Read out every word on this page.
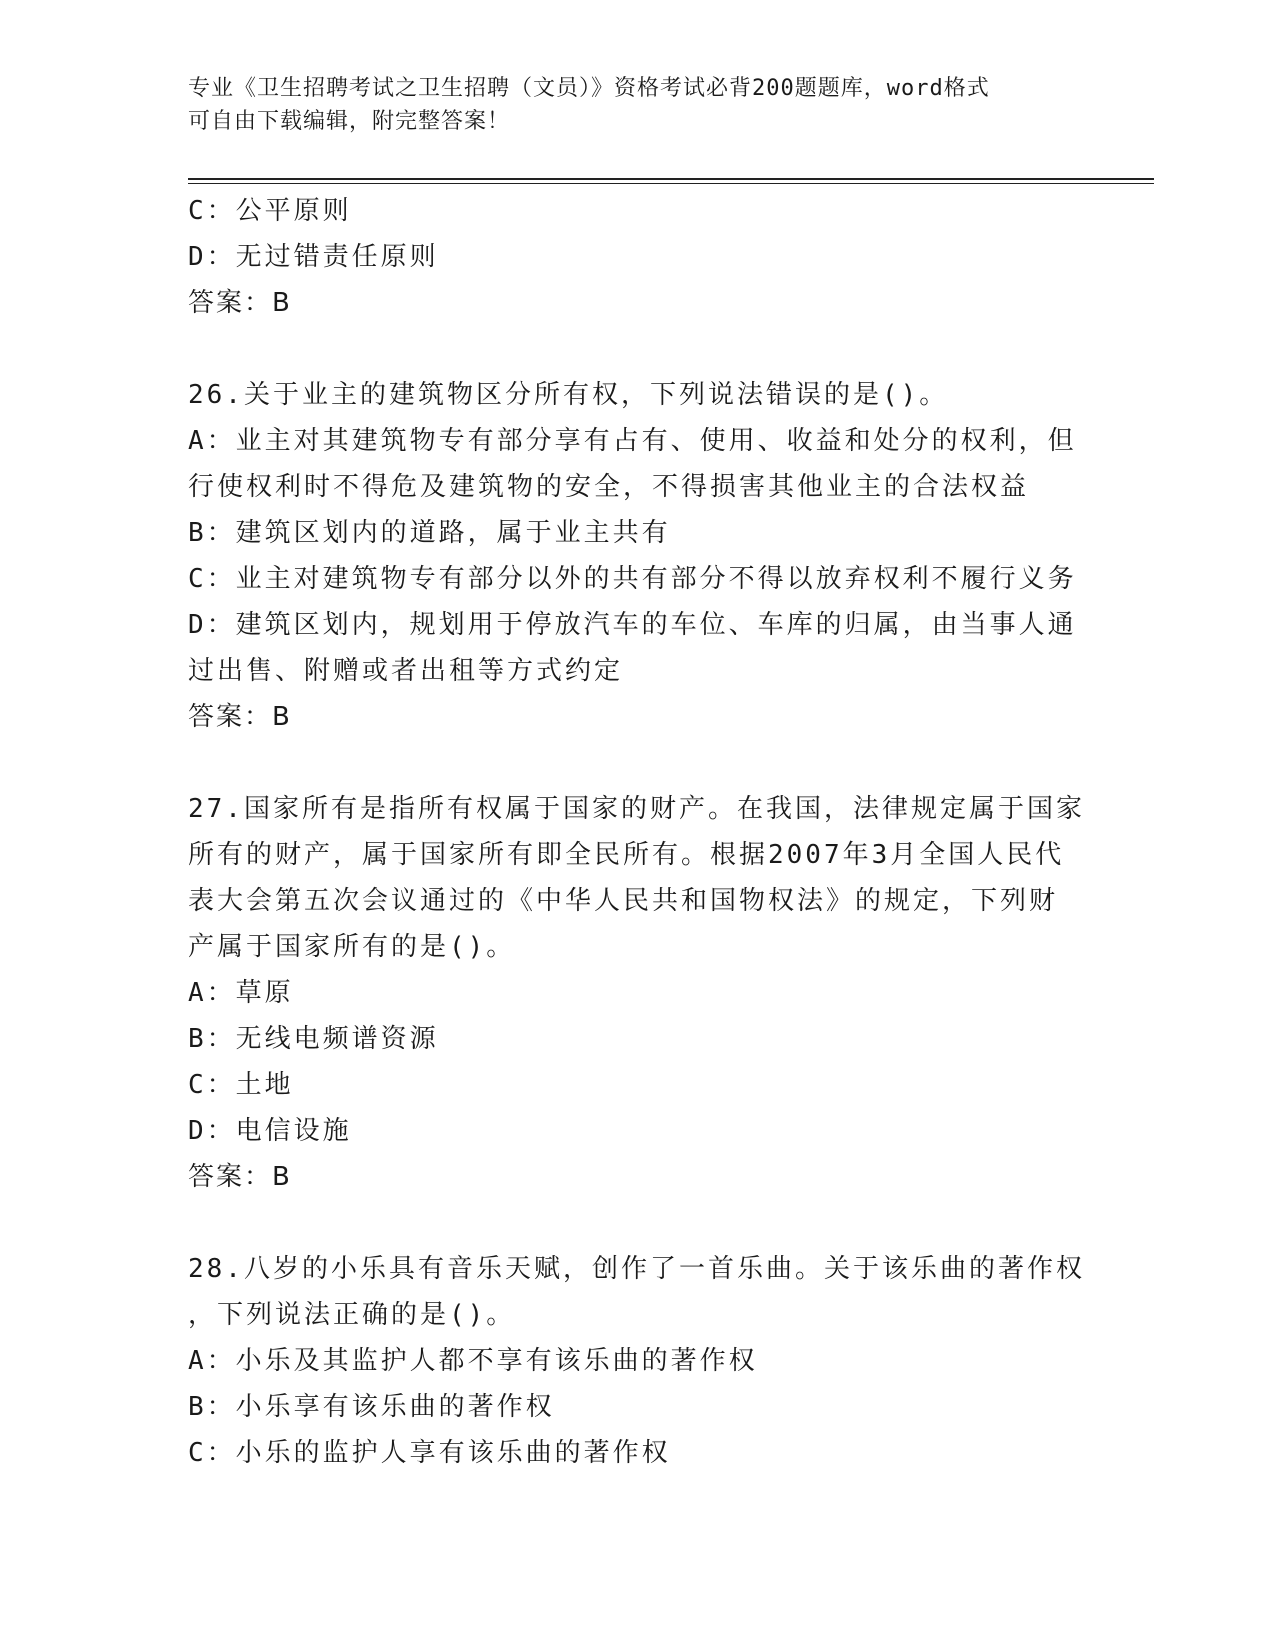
专业《卫生招聘考试之卫生招聘（文员）》资格考试必背200题题库，word格式
可自由下载编辑，附完整答案！
C：公平原则
D：无过错责任原则
答案：B
26.关于业主的建筑物区分所有权，下列说法错误的是()。
A：业主对其建筑物专有部分享有占有、使用、收益和处分的权利，但
行使权利时不得危及建筑物的安全，不得损害其他业主的合法权益
B：建筑区划内的道路，属于业主共有
C：业主对建筑物专有部分以外的共有部分不得以放弃权利不履行义务
D：建筑区划内，规划用于停放汽车的车位、车库的归属，由当事人通
过出售、附赠或者出租等方式约定
答案：B
27.国家所有是指所有权属于国家的财产。在我国，法律规定属于国家
所有的财产，属于国家所有即全民所有。根据2007年3月全国人民代
表大会第五次会议通过的《中华人民共和国物权法》的规定，下列财
产属于国家所有的是()。
A：草原
B：无线电频谱资源
C：土地
D：电信设施
答案：B
28.八岁的小乐具有音乐天赋，创作了一首乐曲。关于该乐曲的著作权
，下列说法正确的是()。
A：小乐及其监护人都不享有该乐曲的著作权
B：小乐享有该乐曲的著作权
C：小乐的监护人享有该乐曲的著作权
